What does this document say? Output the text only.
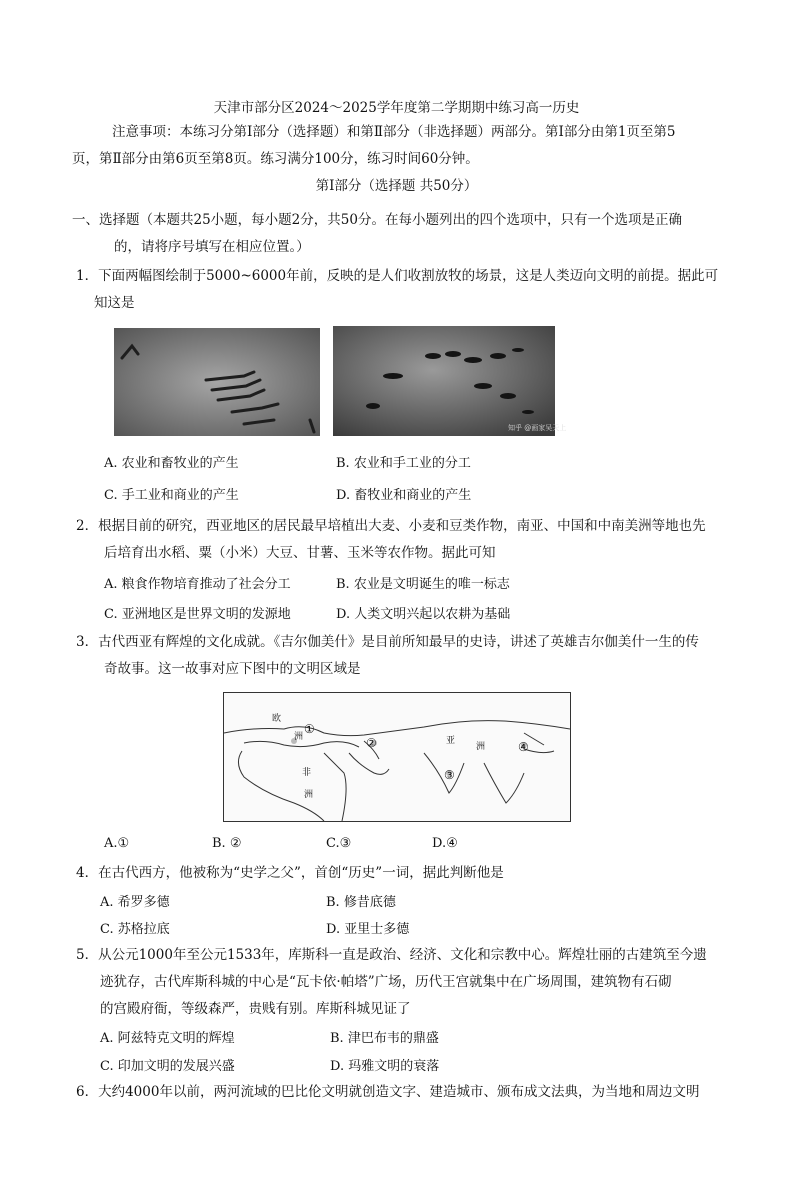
天津市部分区2024～2025学年度第二学期期中练习高一历史
注意事项：本练习分第Ⅰ部分（选择题）和第Ⅱ部分（非选择题）两部分。第Ⅰ部分由第1页至第5
页，第Ⅱ部分由第6页至第8页。练习满分100分，练习时间60分钟。
第Ⅰ部分（选择题 共50分）
一、选择题（本题共25小题，每小题2分，共50分。在每小题列出的四个选项中，只有一个选项是正确
的，请将序号填写在相应位置。）
1．下面两幅图绘制于5000~6000年前，反映的是人们收割放牧的场景，这是人类迈向文明的前提。据此可
知这是
知乎 @画家吴天上
A. 农业和畜牧业的产生	B. 农业和手工业的分工
C. 手工业和商业的产生	D. 畜牧业和商业的产生
2．根据目前的研究，西亚地区的居民最早培植出大麦、小麦和豆类作物，南亚、中国和中南美洲等地也先
后培育出水稻、粟（小米）大豆、甘薯、玉米等农作物。据此可知
A. 粮食作物培育推动了社会分工	B. 农业是文明诞生的唯一标志
C. 亚洲地区是世界文明的发源地	D. 人类文明兴起以农耕为基础
3．古代西亚有辉煌的文化成就。《吉尔伽美什》是目前所知最早的史诗，讲述了英雄吉尔伽美什一生的传
奇故事。这一故事对应下图中的文明区域是
欧
洲	亚
洲
非
洲
①
②
③
④
A.①	B. ②	C.③	D.④
4．在古代西方，他被称为“史学之父”，首创“历史”一词，据此判断他是
A. 希罗多德	B. 修昔底德
C. 苏格拉底	D. 亚里士多德
5．从公元1000年至公元1533年，库斯科一直是政治、经济、文化和宗教中心。辉煌壮丽的古建筑至今遗
迹犹存，古代库斯科城的中心是“瓦卡依·帕塔”广场，历代王宫就集中在广场周围，建筑物有石砌
的宫殿府衙，等级森严，贵贱有别。库斯科城见证了
A. 阿兹特克文明的辉煌	B. 津巴布韦的鼎盛
C. 印加文明的发展兴盛	D. 玛雅文明的衰落
6．大约4000年以前，两河流域的巴比伦文明就创造文字、建造城市、颁布成文法典，为当地和周边文明
